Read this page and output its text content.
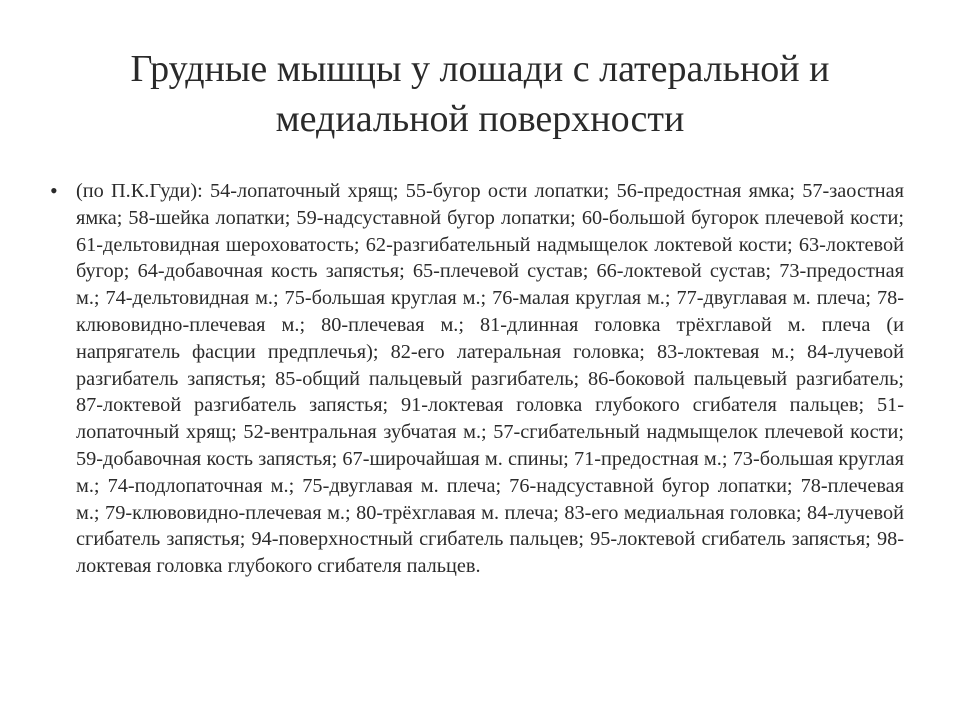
Грудные мышцы у лошади с латеральной и медиальной поверхности
• (по П.К.Гуди): 54-лопаточный хрящ; 55-бугор ости лопатки; 56-предостная ямка; 57-заостная ямка; 58-шейка лопатки; 59-надсуставной бугор лопатки; 60-большой бугорок плечевой кости; 61-дельтовидная шероховатость; 62-разгибательный надмыщелок локтевой кости; 63-локтевой бугор; 64-добавочная кость запястья; 65-плечевой сустав; 66-локтевой сустав; 73-предостная м.; 74-дельтовидная м.; 75-большая круглая м.; 76-малая круглая м.; 77-двуглавая м. плеча; 78-клювовидно-плечевая м.; 80-плечевая м.; 81-длинная головка трёхглавой м. плеча (и напрягатель фасции предплечья); 82-его латеральная головка; 83-локтевая м.; 84-лучевой разгибатель запястья; 85-общий пальцевый разгибатель; 86-боковой пальцевый разгибатель; 87-локтевой разгибатель запястья; 91-локтевая головка глубокого сгибателя пальцев; 51-лопаточный хрящ; 52-вентральная зубчатая м.; 57-сгибательный надмыщелок плечевой кости; 59-добавочная кость запястья; 67-широчайшая м. спины; 71-предостная м.; 73-большая круглая м.; 74-подлопаточная м.; 75-двуглавая м. плеча; 76-надсуставной бугор лопатки; 78-плечевая м.; 79-клювовидно-плечевая м.; 80-трёхглавая м. плеча; 83-его медиальная головка; 84-лучевой сгибатель запястья; 94-поверхностный сгибатель пальцев; 95-локтевой сгибатель запястья; 98-локтевая головка глубокого сгибателя пальцев.
